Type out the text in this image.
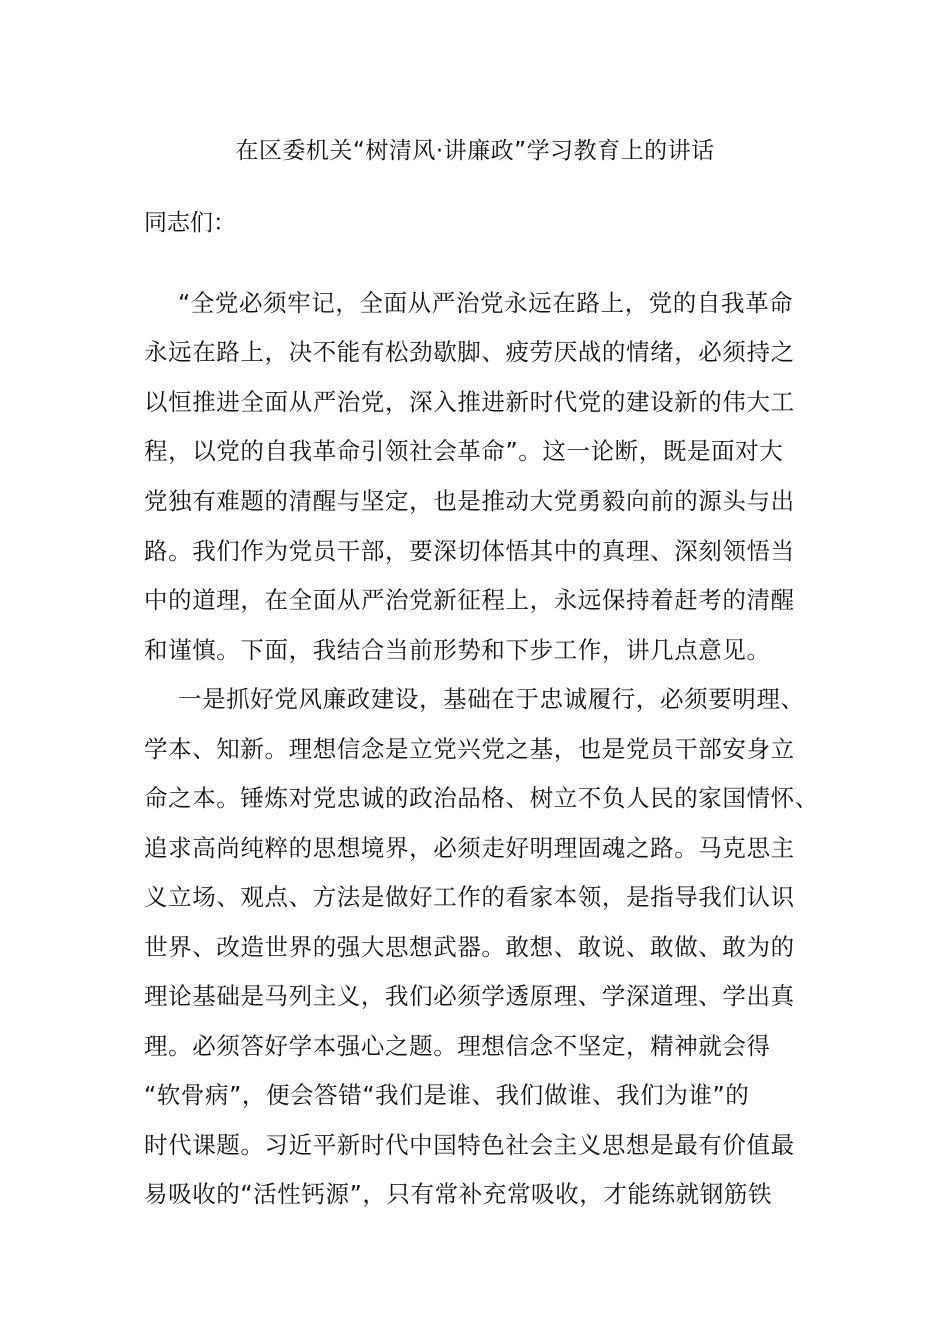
在区委机关“树清风·讲廉政”学习教育上的讲话

同志们：

“全党必须牢记，全面从严治党永远在路上，党的自我革命

永远在路上，决不能有松劲歇脚、疲劳厌战的情绪，必须持之

以恒推进全面从严治党，深入推进新时代党的建设新的伟大工

程，以党的自我革命引领社会革命”。这一论断，既是面对大

党独有难题的清醒与坚定，也是推动大党勇毅向前的源头与出

路。我们作为党员干部，要深切体悟其中的真理、深刻领悟当

中的道理，在全面从严治党新征程上，永远保持着赶考的清醒

和谨慎。下面，我结合当前形势和下步工作，讲几点意见。

一是抓好党风廉政建设，基础在于忠诚履行，必须要明理、

学本、知新。理想信念是立党兴党之基，也是党员干部安身立

命之本。锤炼对党忠诚的政治品格、树立不负人民的家国情怀、

追求高尚纯粹的思想境界，必须走好明理固魂之路。马克思主

义立场、观点、方法是做好工作的看家本领，是指导我们认识

世界、改造世界的强大思想武器。敢想、敢说、敢做、敢为的

理论基础是马列主义，我们必须学透原理、学深道理、学出真

理。必须答好学本强心之题。理想信念不坚定，精神就会得

“软骨病”，便会答错“我们是谁、我们做谁、我们为谁”的

时代课题。习近平新时代中国特色社会主义思想是最有价值最

易吸收的“活性钙源”，只有常补充常吸收，才能练就钢筋铁
